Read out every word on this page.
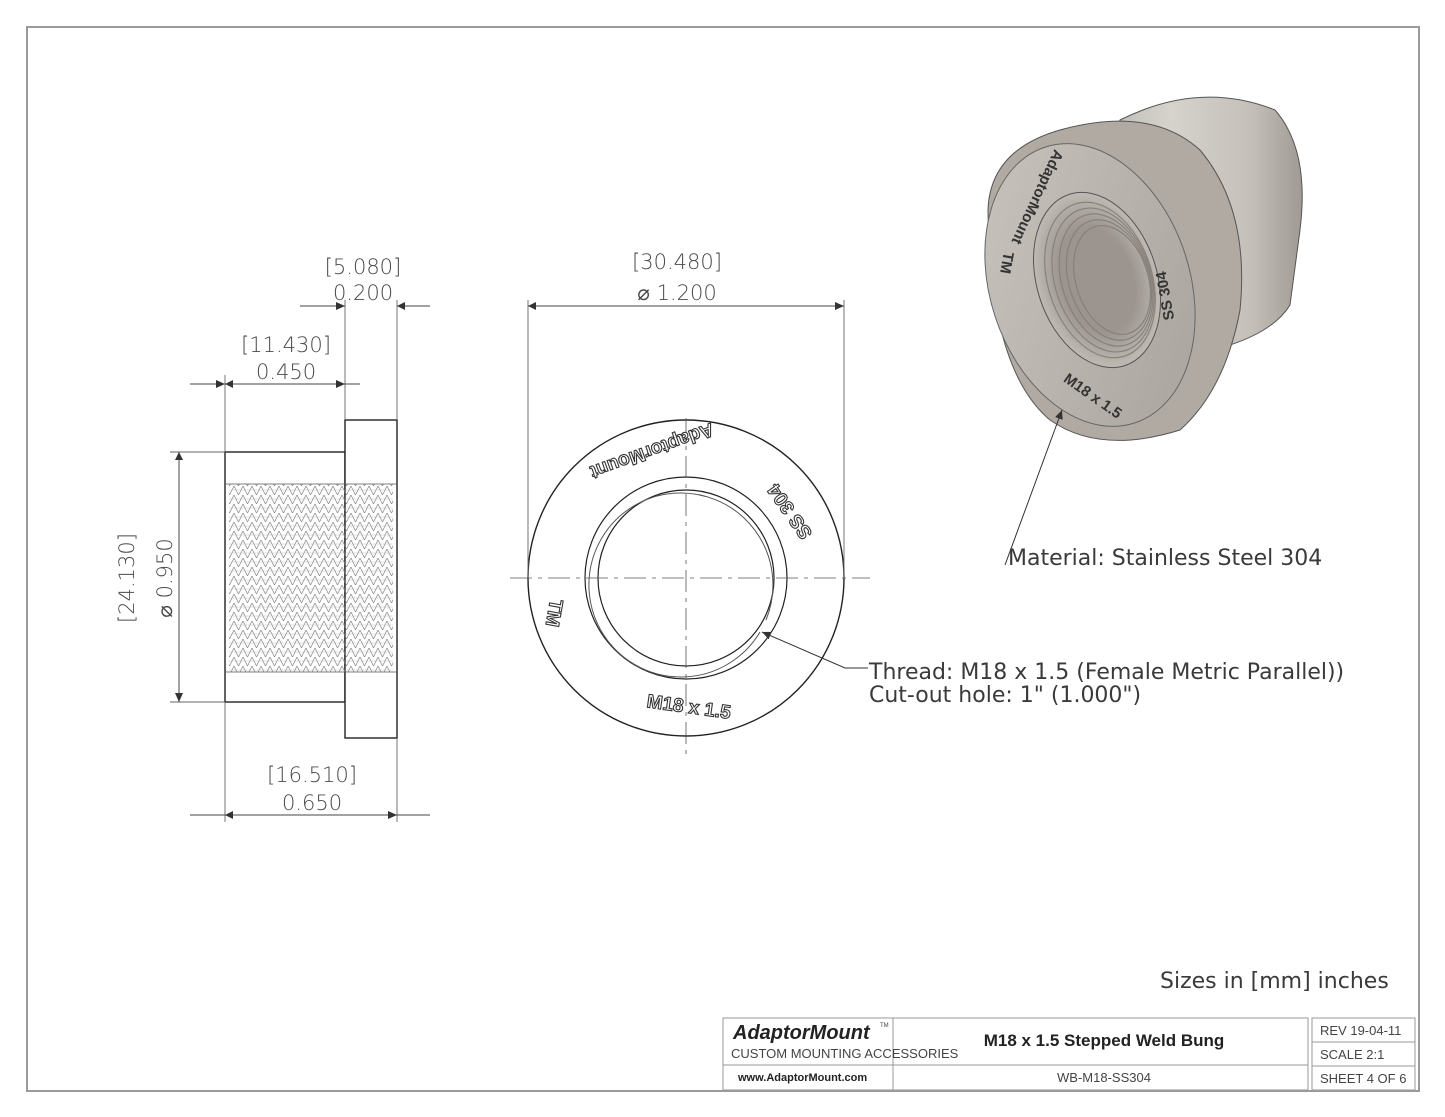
[5.080]
0.200
[11.430]
0.450
[16.510]
0.650
[24.130] ⌀ 0.950
[30.480]
⌀ 1.200
AdaptorMount
TM
SS 304
M18 x 1.5
AdaptorMount
TM
SS 304
M18 x 1.5
Thread: M18 x 1.5 (Female Metric Parallel))
Cut-out hole: 1" (1.000")
Material: Stainless Steel 304
Sizes in [mm] inches
AdaptorMount TM
CUSTOM MOUNTING ACCESSORIES
www.AdaptorMount.com
M18 x 1.5 Stepped Weld Bung
WB-M18-SS304
REV 19-04-11
SCALE 2:1
SHEET 4 OF 6
